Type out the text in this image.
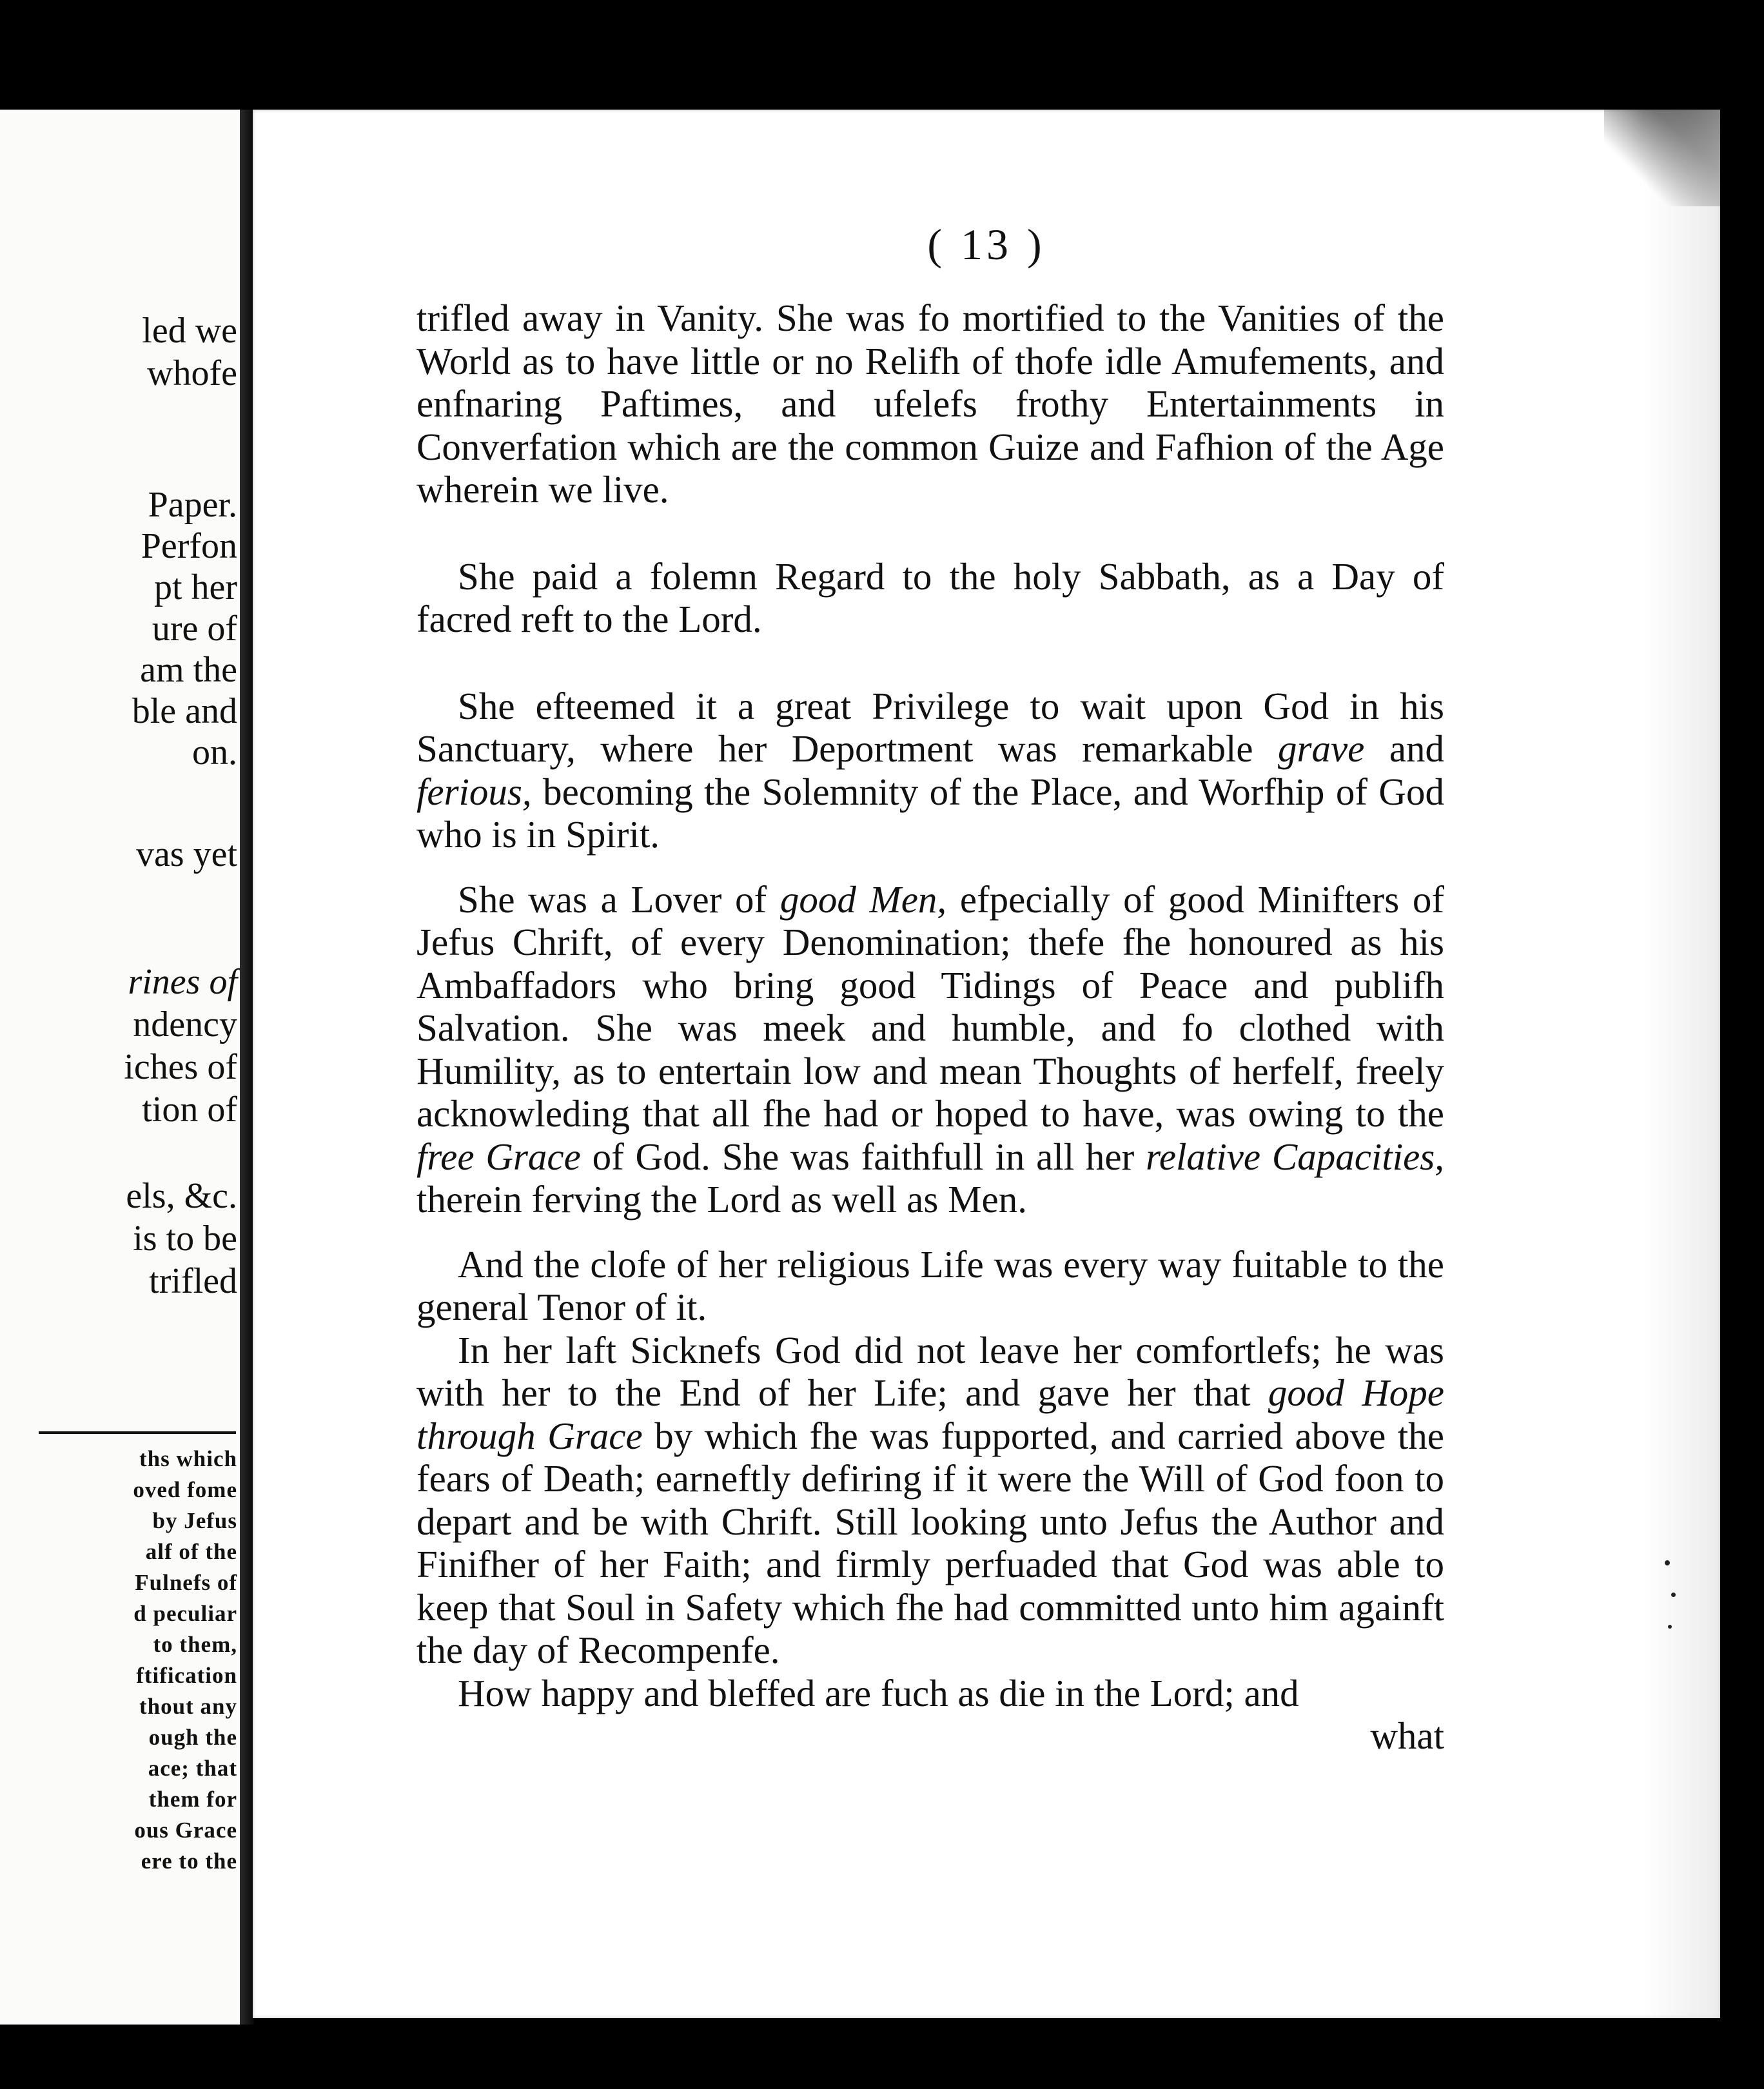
led we
whofe
Paper.
Perfon
pt her
ure of
am the
ble and
on.
vas yet
rines of
ndency
iches of
tion of
els, &c.
is to be
trifled
ths which
oved fome
by Jefus
alf of the
Fulnefs of
d peculiar
to them,
ftification
thout any
ough the
ace; that
them for
ous Grace
ere to the
( 13 )

trifled away in Vanity. She was fo mortified to the Vanities of the World as to have little or no Relifh of thofe idle Amufements, and enfnaring Paftimes, and ufelefs frothy Entertainments in Converfation which are the common Guize and Fafhion of the Age wherein we live.

She paid a folemn Regard to the holy Sabbath, as a Day of facred reft to the Lord.

She efteemed it a great Privilege to wait upon God in his Sanctuary, where her Deportment was remarkable grave and ferious, becoming the Solemnity of the Place, and Worfhip of God who is in Spirit.

She was a Lover of good Men, efpecially of good Minifters of Jefus Chrift, of every Denomination; thefe fhe honoured as his Ambaffadors who bring good Tidings of Peace and publifh Salvation. She was meek and humble, and fo clothed with Humility, as to entertain low and mean Thoughts of herfelf, freely acknowleding that all fhe had or hoped to have, was owing to the free Grace of God. She was faithfull in all her relative Capacities, therein ferving the Lord as well as Men.

And the clofe of her religious Life was every way fuitable to the general Tenor of it.

In her laft Sicknefs God did not leave her comfortlefs; he was with her to the End of her Life; and gave her that good Hope through Grace by which fhe was fupported, and carried above the fears of Death; earneftly defiring if it were the Will of God foon to depart and be with Chrift. Still looking unto Jefus the Author and Finifher of her Faith; and firmly perfuaded that God was able to keep that Soul in Safety which fhe had committed unto him againft the day of Recompenfe.

How happy and bleffed are fuch as die in the Lord; and

what
